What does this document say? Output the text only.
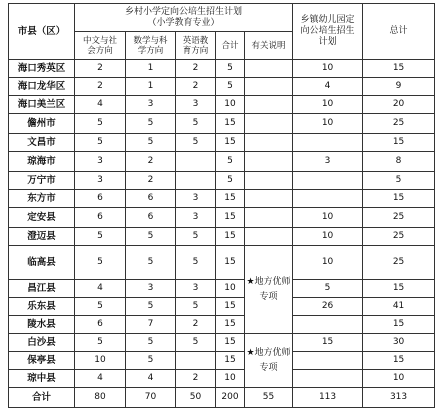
市县（区）	乡村小学定向公培生招生计划
（小学教育专业）					乡镇幼儿园定向公培生招生计划	总计
	中文与社会方向	数学与科学方向	英语教育方向	合计	有关说明		
海口秀英区	2	1	2	5		10	15
海口龙华区	2	1	2	5		4	9
海口美兰区	4	3	3	10		10	20
儋州市	5	5	5	15		10	25
文昌市	5	5	5	15			15
琼海市	3	2		5		3	8
万宁市	3	2		5			5
东方市	6	6	3	15			15
定安县	6	6	3	15		10	25
澄迈县	5	5	5	15		10	25
临高县	5	5	5	15	★地方优师专项	10	25
昌江县	4	3	3	10		5	15
乐东县	5	5	5	15		26	41
陵水县	6	7	2	15			15
白沙县	5	5	5	15	★地方优师专项	15	30
保亭县	10	5		15			15
琼中县	4	4	2	10			10
合计	80	70	50	200	55	113	313
